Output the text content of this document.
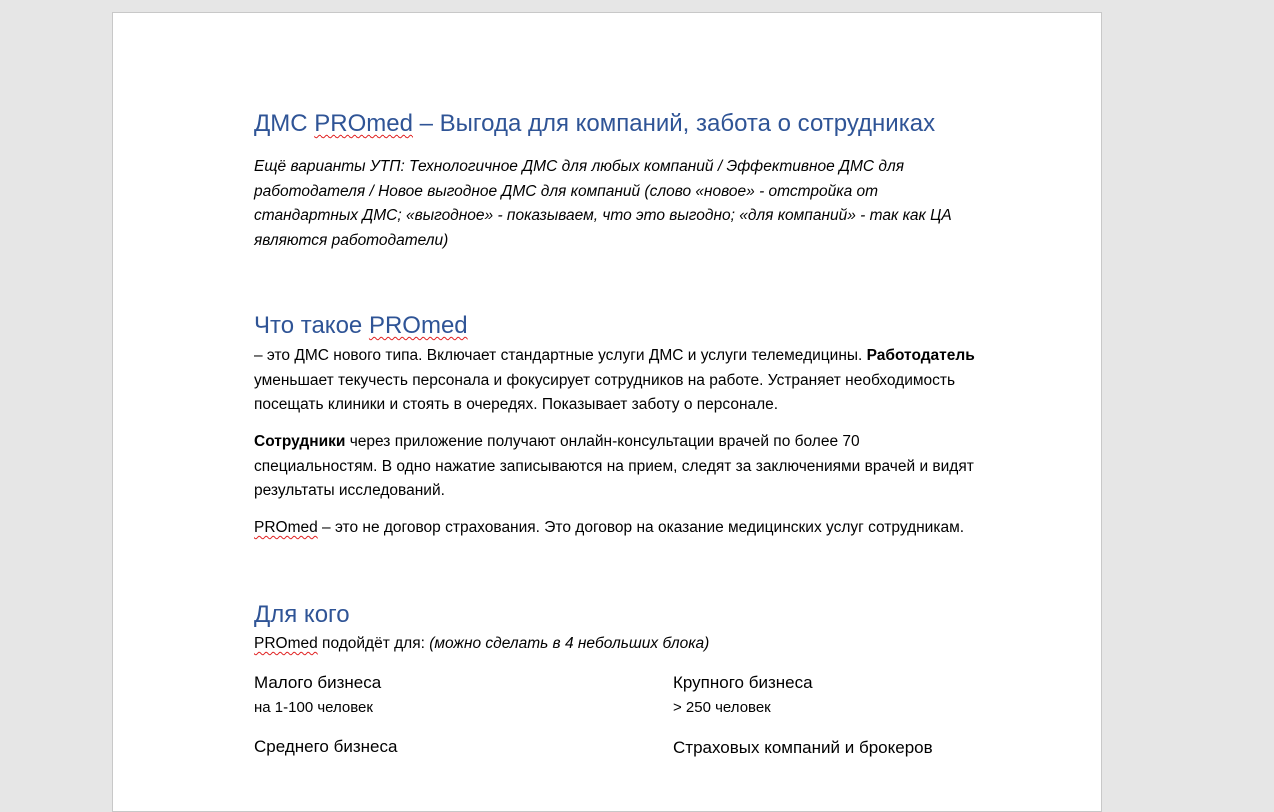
ДМС PROmed – Выгода для компаний, забота о сотрудниках
Ещё варианты УТП: Технологичное ДМС для любых компаний / Эффективное ДМС для
работодателя / Новое выгодное ДМС для компаний (слово «новое» - отстройка от
стандартных ДМС; «выгодное» - показываем, что это выгодно; «для компаний» - так как ЦА
являются работодатели)
Что такое PROmed
– это ДМС нового типа. Включает стандартные услуги ДМС и услуги телемедицины. Работодатель
уменьшает текучесть персонала и фокусирует сотрудников на работе. Устраняет необходимость
посещать клиники и стоять в очередях. Показывает заботу о персонале.
Сотрудники через приложение получают онлайн-консультации врачей по более 70
специальностям. В одно нажатие записываются на прием, следят за заключениями врачей и видят
результаты исследований.
PROmed – это не договор страхования. Это договор на оказание медицинских услуг сотрудникам.
Для кого
PROmed подойдёт для: (можно сделать в 4 небольших блока)
Малого бизнеса
на 1-100 человек
Крупного бизнеса
> 250 человек
Среднего бизнеса	Страховых компаний и брокеров
